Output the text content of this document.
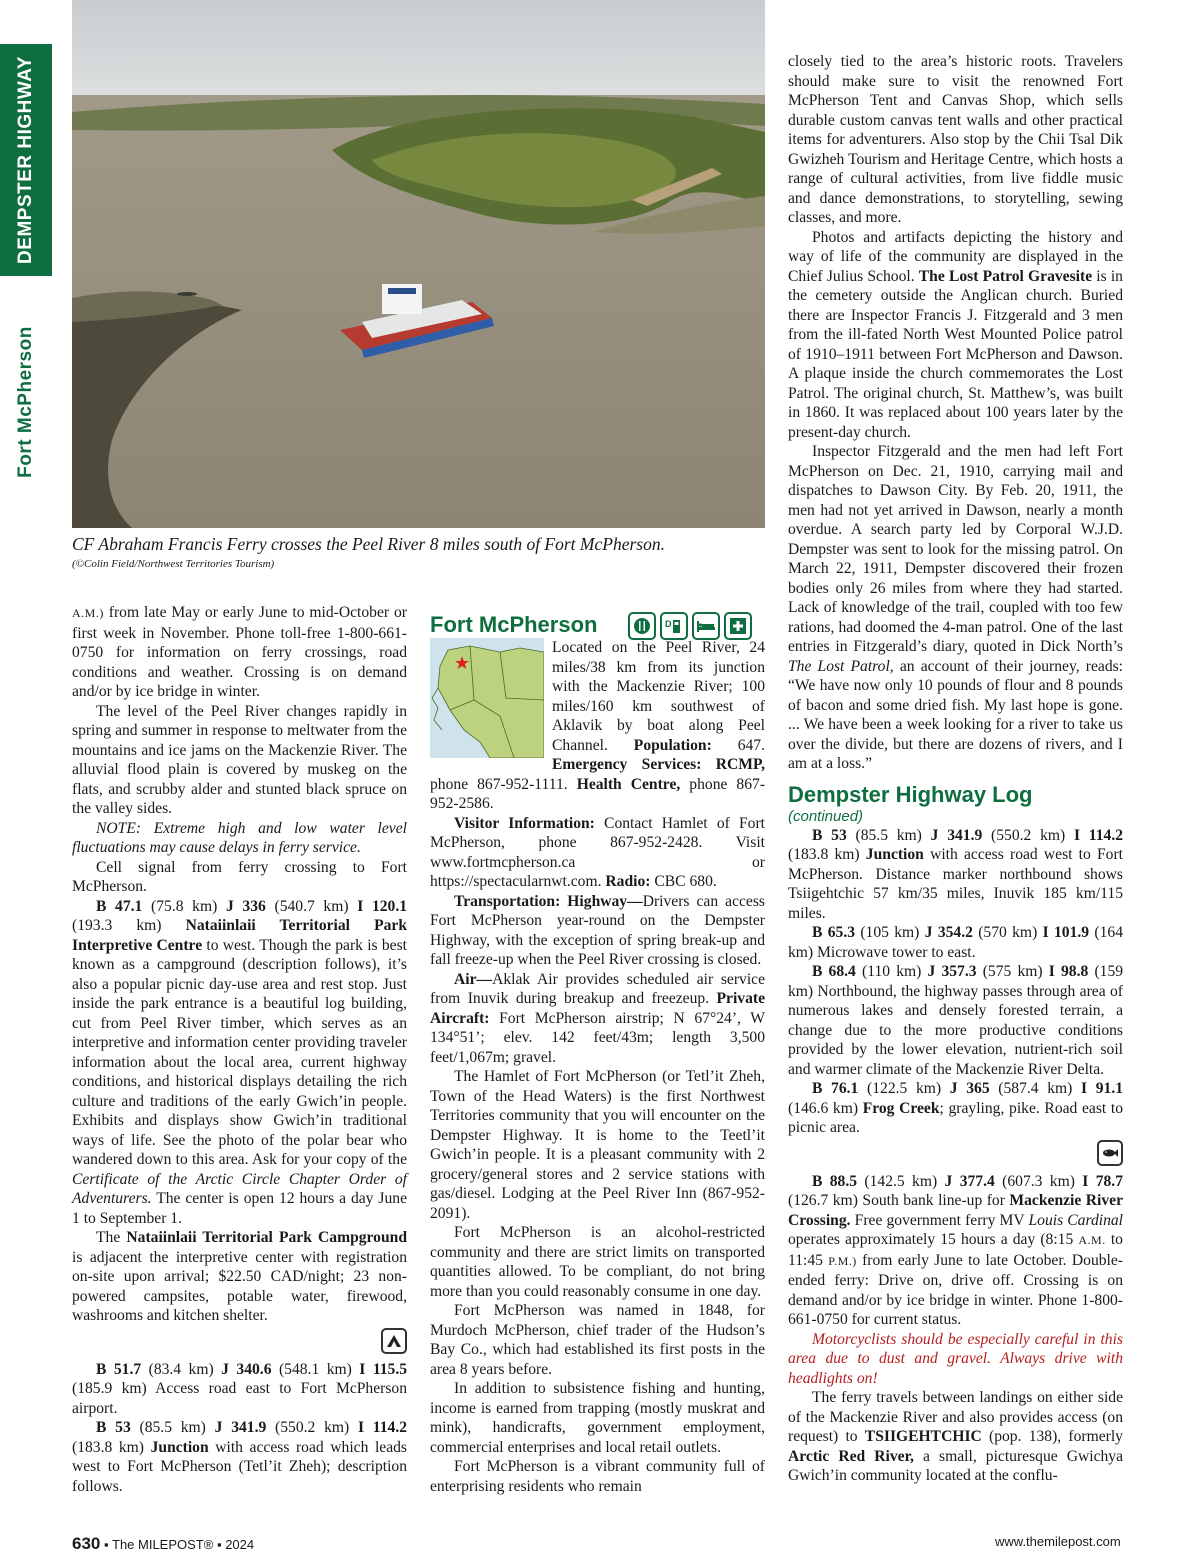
DEMPSTER HIGHWAY
Fort McPherson
CF Abraham Francis Ferry crosses the Peel River 8 miles south of Fort McPherson.
(©Colin Field/Northwest Territories Tourism)

A.M.) from late May or early June to mid-October or first week in November. Phone toll-free 1-800-661-0750 for information on ferry crossings, road conditions and weather. Crossing is on demand and/or by ice bridge in winter.

The level of the Peel River changes rapidly in spring and summer in response to meltwater from the mountains and ice jams on the Mackenzie River. The alluvial flood plain is covered by muskeg on the flats, and scrubby alder and stunted black spruce on the valley sides.

NOTE: Extreme high and low water level fluctuations may cause delays in ferry service.

Cell signal from ferry crossing to Fort McPherson.

B 47.1 (75.8 km) J 336 (540.7 km) I 120.1 (193.3 km) Nataiinlaii Territorial Park Interpretive Centre to west. Though the park is best known as a campground (description follows), it’s also a popular picnic day-use area and rest stop. Just inside the park entrance is a beautiful log building, cut from Peel River timber, which serves as an interpretive and information center providing traveler information about the local area, current highway conditions, and historical displays detailing the rich culture and traditions of the early Gwich’in people. Exhibits and displays show Gwich’in traditional ways of life. See the photo of the polar bear who wandered down to this area. Ask for your copy of the Certificate of the Arctic Circle Chapter Order of Adventurers. The center is open 12 hours a day June 1 to September 1.

The Nataiinlaii Territorial Park Campground is adjacent the interpretive center with registration on-site upon arrival; $22.50 CAD/night; 23 non-powered campsites, potable water, firewood, washrooms and kitchen shelter.

B 51.7 (83.4 km) J 340.6 (548.1 km) I 115.5 (185.9 km) Access road east to Fort McPherson airport.

B 53 (85.5 km) J 341.9 (550.2 km) I 114.2 (183.8 km) Junction with access road which leads west to Fort McPherson (Tetl’it Zheh); description follows.

D
Fort McPherson

Located on the Peel River, 24 miles/38 km from its junction with the Mackenzie River; 100 miles/160 km southwest of Aklavik by boat along Peel Channel. Population: 647. Emergency Services: RCMP, phone 867-952-1111. Health Centre, phone 867-952-2586.

Visitor Information: Contact Hamlet of Fort McPherson, phone 867-952-2428. Visit www.fortmcpherson.ca or https://spectacularnwt.com. Radio: CBC 680.

Transportation: Highway—Drivers can access Fort McPherson year-round on the Dempster Highway, with the exception of spring break-up and fall freeze-up when the Peel River crossing is closed.

Air—Aklak Air provides scheduled air service from Inuvik during breakup and freezeup. Private Aircraft: Fort McPherson airstrip; N 67°24’, W 134°51’; elev. 142 feet/43m; length 3,500 feet/1,067m; gravel.

The Hamlet of Fort McPherson (or Tetl’it Zheh, Town of the Head Waters) is the first Northwest Territories community that you will encounter on the Dempster Highway. It is home to the Teetl’it Gwich’in people. It is a pleasant community with 2 grocery/general stores and 2 service stations with gas/diesel. Lodging at the Peel River Inn (867-952-2091).

Fort McPherson is an alcohol-restricted community and there are strict limits on transported quantities allowed. To be compliant, do not bring more than you could reasonably consume in one day.

Fort McPherson was named in 1848, for Murdoch McPherson, chief trader of the Hudson’s Bay Co., which had established its first posts in the area 8 years before.

In addition to subsistence fishing and hunting, income is earned from trapping (mostly muskrat and mink), handicrafts, government employment, commercial enterprises and local retail outlets.

Fort McPherson is a vibrant community full of enterprising residents who remain

closely tied to the area’s historic roots. Travelers should make sure to visit the renowned Fort McPherson Tent and Canvas Shop, which sells durable custom canvas tent walls and other practical items for adventurers. Also stop by the Chii Tsal Dik Gwizheh Tourism and Heritage Centre, which hosts a range of cultural activities, from live fiddle music and dance demonstrations, to storytelling, sewing classes, and more.

Photos and artifacts depicting the history and way of life of the community are displayed in the Chief Julius School. The Lost Patrol Gravesite is in the cemetery outside the Anglican church. Buried there are Inspector Francis J. Fitzgerald and 3 men from the ill-fated North West Mounted Police patrol of 1910–1911 between Fort McPherson and Dawson. A plaque inside the church commemorates the Lost Patrol. The original church, St. Matthew’s, was built in 1860. It was replaced about 100 years later by the present-day church.

Inspector Fitzgerald and the men had left Fort McPherson on Dec. 21, 1910, carrying mail and dispatches to Dawson City. By Feb. 20, 1911, the men had not yet arrived in Dawson, nearly a month overdue. A search party led by Corporal W.J.D. Dempster was sent to look for the missing patrol. On March 22, 1911, Dempster discovered their frozen bodies only 26 miles from where they had started. Lack of knowledge of the trail, coupled with too few rations, had doomed the 4-man patrol. One of the last entries in Fitzgerald’s diary, quoted in Dick North’s The Lost Patrol, an account of their journey, reads: “We have now only 10 pounds of flour and 8 pounds of bacon and some dried fish. My last hope is gone. ... We have been a week looking for a river to take us over the divide, but there are dozens of rivers, and I am at a loss.”

Dempster Highway Log
(continued)

B 53 (85.5 km) J 341.9 (550.2 km) I 114.2 (183.8 km) Junction with access road west to Fort McPherson. Distance marker northbound shows Tsiigehtchic 57 km/35 miles, Inuvik 185 km/115 miles.

B 65.3 (105 km) J 354.2 (570 km) I 101.9 (164 km) Microwave tower to east.

B 68.4 (110 km) J 357.3 (575 km) I 98.8 (159 km) Northbound, the highway passes through area of numerous lakes and densely forested terrain, a change due to the more productive conditions provided by the lower elevation, nutrient-rich soil and warmer climate of the Mackenzie River Delta.

B 76.1 (122.5 km) J 365 (587.4 km) I 91.1 (146.6 km) Frog Creek; grayling, pike. Road east to picnic area.

B 88.5 (142.5 km) J 377.4 (607.3 km) I 78.7 (126.7 km) South bank line-up for Mackenzie River Crossing. Free government ferry MV Louis Cardinal operates approximately 15 hours a day (8:15 A.M. to 11:45 P.M.) from early June to late October. Double-ended ferry: Drive on, drive off. Crossing is on demand and/or by ice bridge in winter. Phone 1-800-661-0750 for current status.

Motorcyclists should be especially careful in this area due to dust and gravel. Always drive with headlights on!

The ferry travels between landings on either side of the Mackenzie River and also provides access (on request) to TSIIGEHTCHIC (pop. 138), formerly Arctic Red River, a small, picturesque Gwichya Gwich’in community located at the conflu-

630 ▪ The MILEPOST® ▪ 2024	www.themilepost.com
